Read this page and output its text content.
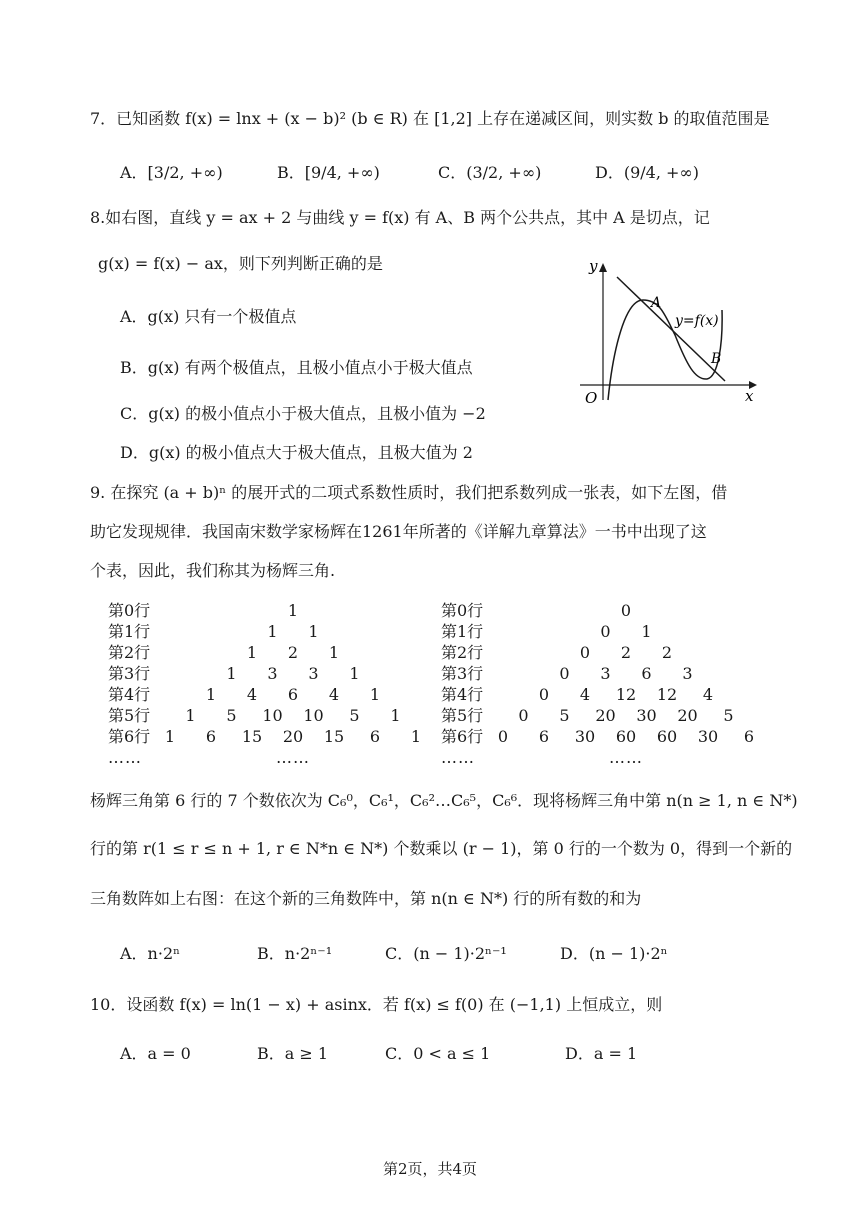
7．已知函数 f(x) = lnx + (x − b)² (b ∈ R) 在 [1,2] 上存在递减区间，则实数 b 的取值范围是
A．[3/2, +∞)	B．[9/4, +∞)	C．(3/2, +∞)	D．(9/4, +∞)
8.如右图，直线 y = ax + 2 与曲线 y = f(x) 有 A、B 两个公共点，其中 A 是切点，记
g(x) = f(x) − ax，则下列判断正确的是
A．g(x) 只有一个极值点
B．g(x) 有两个极值点，且极小值点小于极大值点
C．g(x) 的极小值点小于极大值点，且极小值为 −2
D．g(x) 的极小值点大于极大值点，且极大值为 2
y
x
O
A
B
y=f(x)
9. 在探究 (a + b)ⁿ 的展开式的二项式系数性质时，我们把系数列成一张表，如下左图，借
助它发现规律．我国南宋数学家杨辉在1261年所著的《详解九章算法》一书中出现了这
个表，因此，我们称其为杨辉三角.
第0行	1
第1行	1	1
第2行	1	2	1
第3行	1	3	3	1
第4行	1	4	6	4	1
第5行	1	5	10	10	5	1
第6行 1	6	15	20	15	6	1
……	……
第0行	0
第1行	0	1
第2行	0	2	2
第3行	0	3	6	3
第4行	0	4	12	12	4
第5行	0	5	20	30	20	5
第6行 0	6	30	60	60	30	6
……	……
杨辉三角第 6 行的 7 个数依次为 C₆⁰，C₆¹，C₆²…C₆⁵，C₆⁶．现将杨辉三角中第 n(n ≥ 1, n ∈ N*)
行的第 r(1 ≤ r ≤ n + 1, r ∈ N*n ∈ N*) 个数乘以 (r − 1)，第 0 行的一个数为 0，得到一个新的
三角数阵如上右图：在这个新的三角数阵中，第 n(n ∈ N*) 行的所有数的和为
A．n·2ⁿ	B．n·2ⁿ⁻¹	C．(n − 1)·2ⁿ⁻¹	D．(n − 1)·2ⁿ
10．设函数 f(x) = ln(1 − x) + asinx．若 f(x) ≤ f(0) 在 (−1,1) 上恒成立，则
A．a = 0	B．a ≥ 1	C．0 < a ≤ 1	D．a = 1
第2页，共4页
